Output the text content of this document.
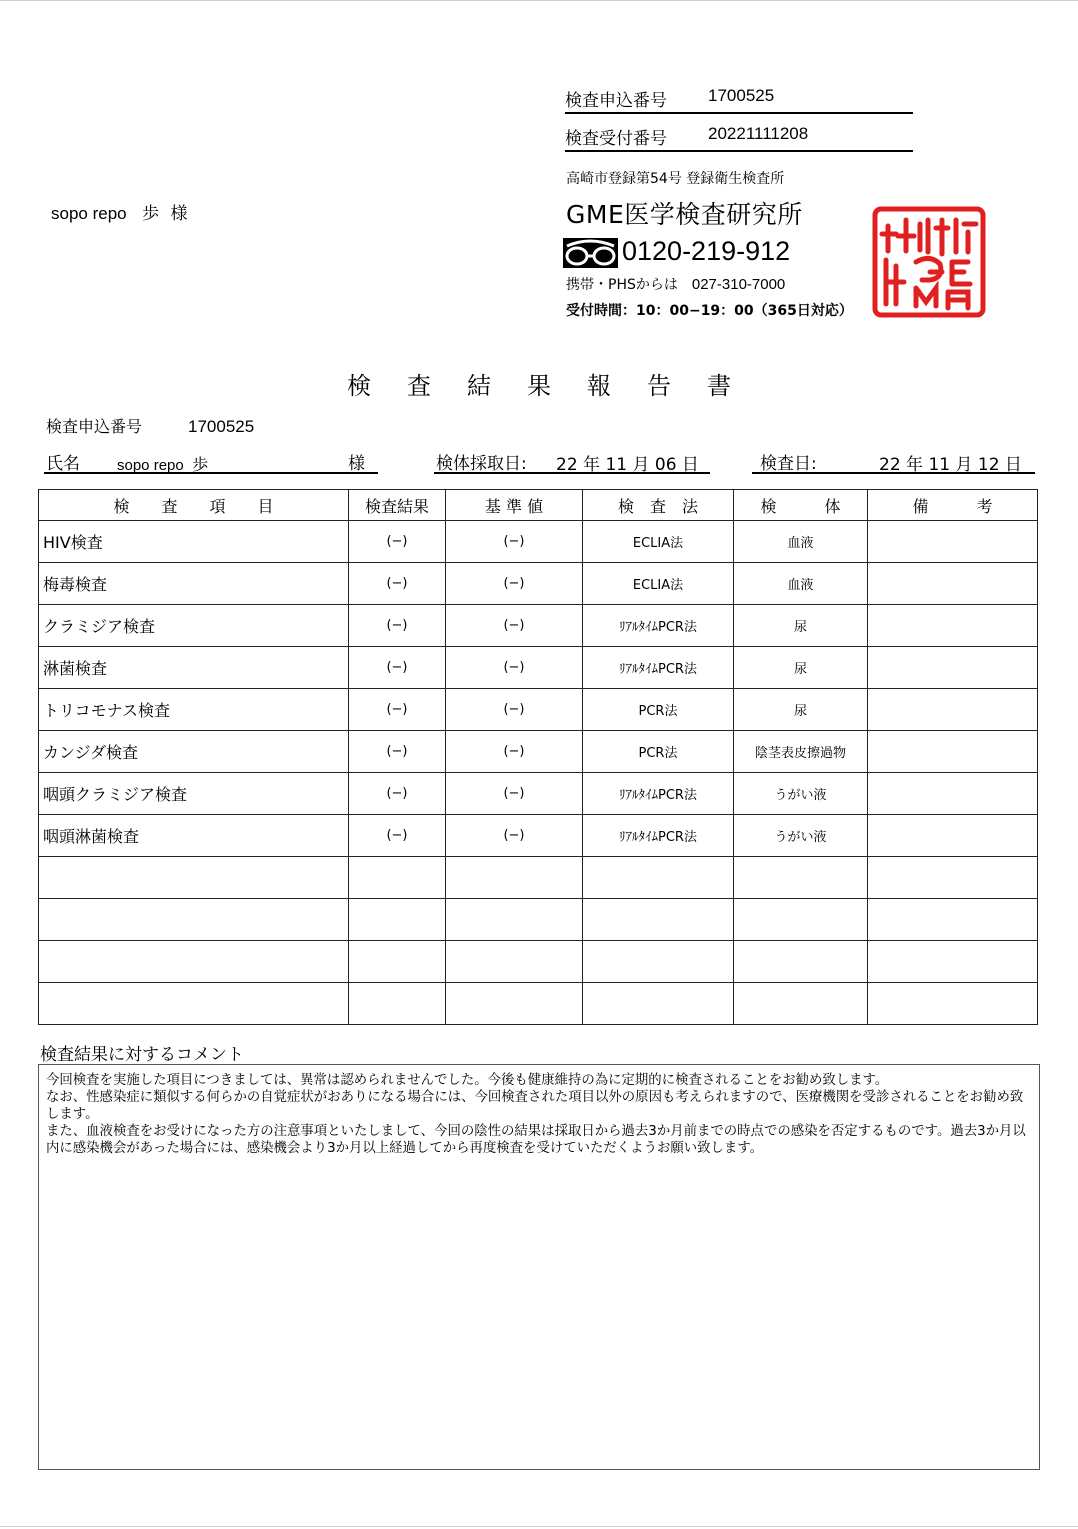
検査申込番号 1700525
検査受付番号 20221111208
高崎市登録第54号 登録衛生検査所
GME医学検査研究所
0120-219-912
携帯・PHSからは 027-310-7000
受付時間：10：00−19：00（365日対応）
sopo repo 歩 様
検査結果報告書
検査申込番号	1700525
氏名 sopo repo 歩	様	検体採取日: 22 年 11 月 06 日	検査日:	22 年 11 月 12 日
検　　査　　項　　目	検査結果	基 準 値	検　査　法	検　　　体	備　　　考
HIV検査	(−)	(−)	ECLIA法	血液	
梅毒検査	(−)	(−)	ECLIA法	血液	
クラミジア検査	(−)	(−)	ﾘｱﾙﾀｲﾑPCR法	尿	
淋菌検査	(−)	(−)	ﾘｱﾙﾀｲﾑPCR法	尿	
トリコモナス検査	(−)	(−)	PCR法	尿	
カンジダ検査	(−)	(−)	PCR法	陰茎表皮擦過物	
咽頭クラミジア検査	(−)	(−)	ﾘｱﾙﾀｲﾑPCR法	うがい液	
咽頭淋菌検査	(−)	(−)	ﾘｱﾙﾀｲﾑPCR法	うがい液	

検査結果に対するコメント
今回検査を実施した項目につきましては、異常は認められませんでした。今後も健康維持の為に定期的に検査されることをお勧め致します。
なお、性感染症に類似する何らかの自覚症状がおありになる場合には、今回検査された項目以外の原因も考えられますので、医療機関を受診されることをお勧め致します。
また、血液検査をお受けになった方の注意事項といたしまして、今回の陰性の結果は採取日から過去3か月前までの時点での感染を否定するものです。過去3か月以内に感染機会があった場合には、感染機会より3か月以上経過してから再度検査を受けていただくようお願い致します。
